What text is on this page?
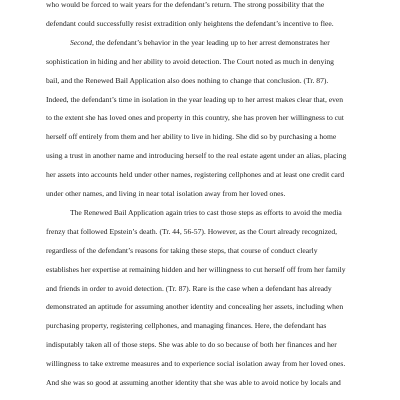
who would be forced to wait years for the defendant’s return. The strong possibility that the
defendant could successfully resist extradition only heightens the defendant’s incentive to flee.
Second, the defendant’s behavior in the year leading up to her arrest demonstrates her
sophistication in hiding and her ability to avoid detection. The Court noted as much in denying
bail, and the Renewed Bail Application also does nothing to change that conclusion. (Tr. 87).
Indeed, the defendant’s time in isolation in the year leading up to her arrest makes clear that, even
to the extent she has loved ones and property in this country, she has proven her willingness to cut
herself off entirely from them and her ability to live in hiding. She did so by purchasing a home
using a trust in another name and introducing herself to the real estate agent under an alias, placing
her assets into accounts held under other names, registering cellphones and at least one credit card
under other names, and living in near total isolation away from her loved ones.
The Renewed Bail Application again tries to cast those steps as efforts to avoid the media
frenzy that followed Epstein’s death. (Tr. 44, 56-57). However, as the Court already recognized,
regardless of the defendant’s reasons for taking these steps, that course of conduct clearly
establishes her expertise at remaining hidden and her willingness to cut herself off from her family
and friends in order to avoid detection. (Tr. 87). Rare is the case when a defendant has already
demonstrated an aptitude for assuming another identity and concealing her assets, including when
purchasing property, registering cellphones, and managing finances. Here, the defendant has
indisputably taken all of those steps. She was able to do so because of both her finances and her
willingness to take extreme measures and to experience social isolation away from her loved ones.
And she was so good at assuming another identity that she was able to avoid notice by locals and
